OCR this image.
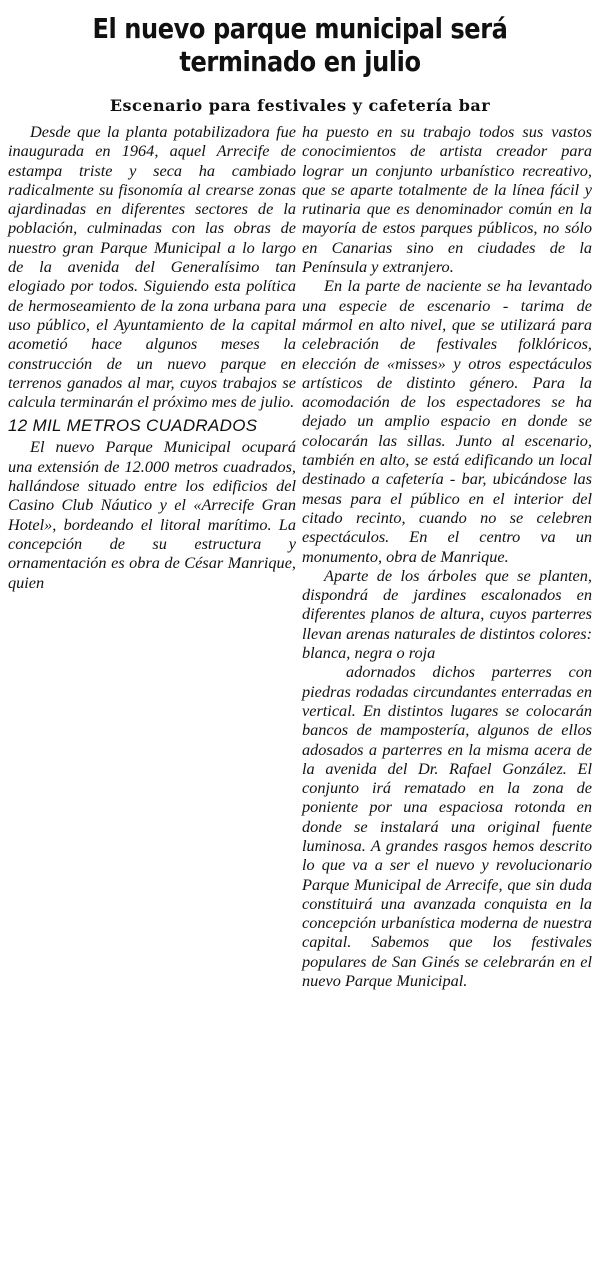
El nuevo parque municipal será terminado en julio
Escenario para festivales y cafetería bar

Desde que la planta potabilizadora fue inaugurada en 1964, aquel Arrecife de estampa triste y seca ha cambiado radicalmente su fisonomía al crearse zonas ajardinadas en diferentes sectores de la población, culminadas con las obras de nuestro gran Parque Municipal a lo largo de la avenida del Generalísimo tan elogiado por todos. Siguiendo esta política de hermoseamiento de la zona urbana para uso público, el Ayuntamiento de la capital acometió hace algunos meses la construcción de un nuevo parque en terrenos ganados al mar, cuyos trabajos se calcula terminarán el próximo mes de julio.

12 MIL METROS CUADRADOS

El nuevo Parque Municipal ocupará una extensión de 12.000 metros cuadrados, hallándose situado entre los edificios del Casino Club Náutico y el «Arrecife Gran Hotel», bordeando el litoral marítimo. La concepción de su estructura y ornamentación es obra de César Manrique, quien

ha puesto en su trabajo todos sus vastos conocimientos de artista creador para lograr un conjunto urbanístico recreativo, que se aparte totalmente de la línea fácil y rutinaria que es denominador común en la mayoría de estos parques públicos, no sólo en Canarias sino en ciudades de la Península y extranjero.

En la parte de naciente se ha levantado una especie de escenario - tarima de mármol en alto nivel, que se utilizará para celebración de festivales folklóricos, elección de «misses» y otros espectáculos artísticos de distinto género. Para la acomodación de los espectadores se ha dejado un amplio espacio en donde se colocarán las sillas. Junto al escenario, también en alto, se está edificando un local destinado a cafetería - bar, ubicándose las mesas para el público en el interior del citado recinto, cuando no se celebren espectáculos. En el centro va un monumento, obra de Manrique.

Aparte de los árboles que se planten, dispondrá de jardines escalonados en diferentes planos de altura, cuyos parterres llevan arenas naturales de distintos colores: blanca, negra o roja

adornados dichos parterres con piedras rodadas circundantes enterradas en vertical. En distintos lugares se colocarán bancos de mampostería, algunos de ellos adosados a parterres en la misma acera de la avenida del Dr. Rafael González. El conjunto irá rematado en la zona de poniente por una espaciosa rotonda en donde se instalará una original fuente luminosa. A grandes rasgos hemos descrito lo que va a ser el nuevo y revolucionario Parque Municipal de Arrecife, que sin duda constituirá una avanzada conquista en la concepción urbanística moderna de nuestra capital. Sabemos que los festivales populares de San Ginés se celebrarán en el nuevo Parque Municipal.
